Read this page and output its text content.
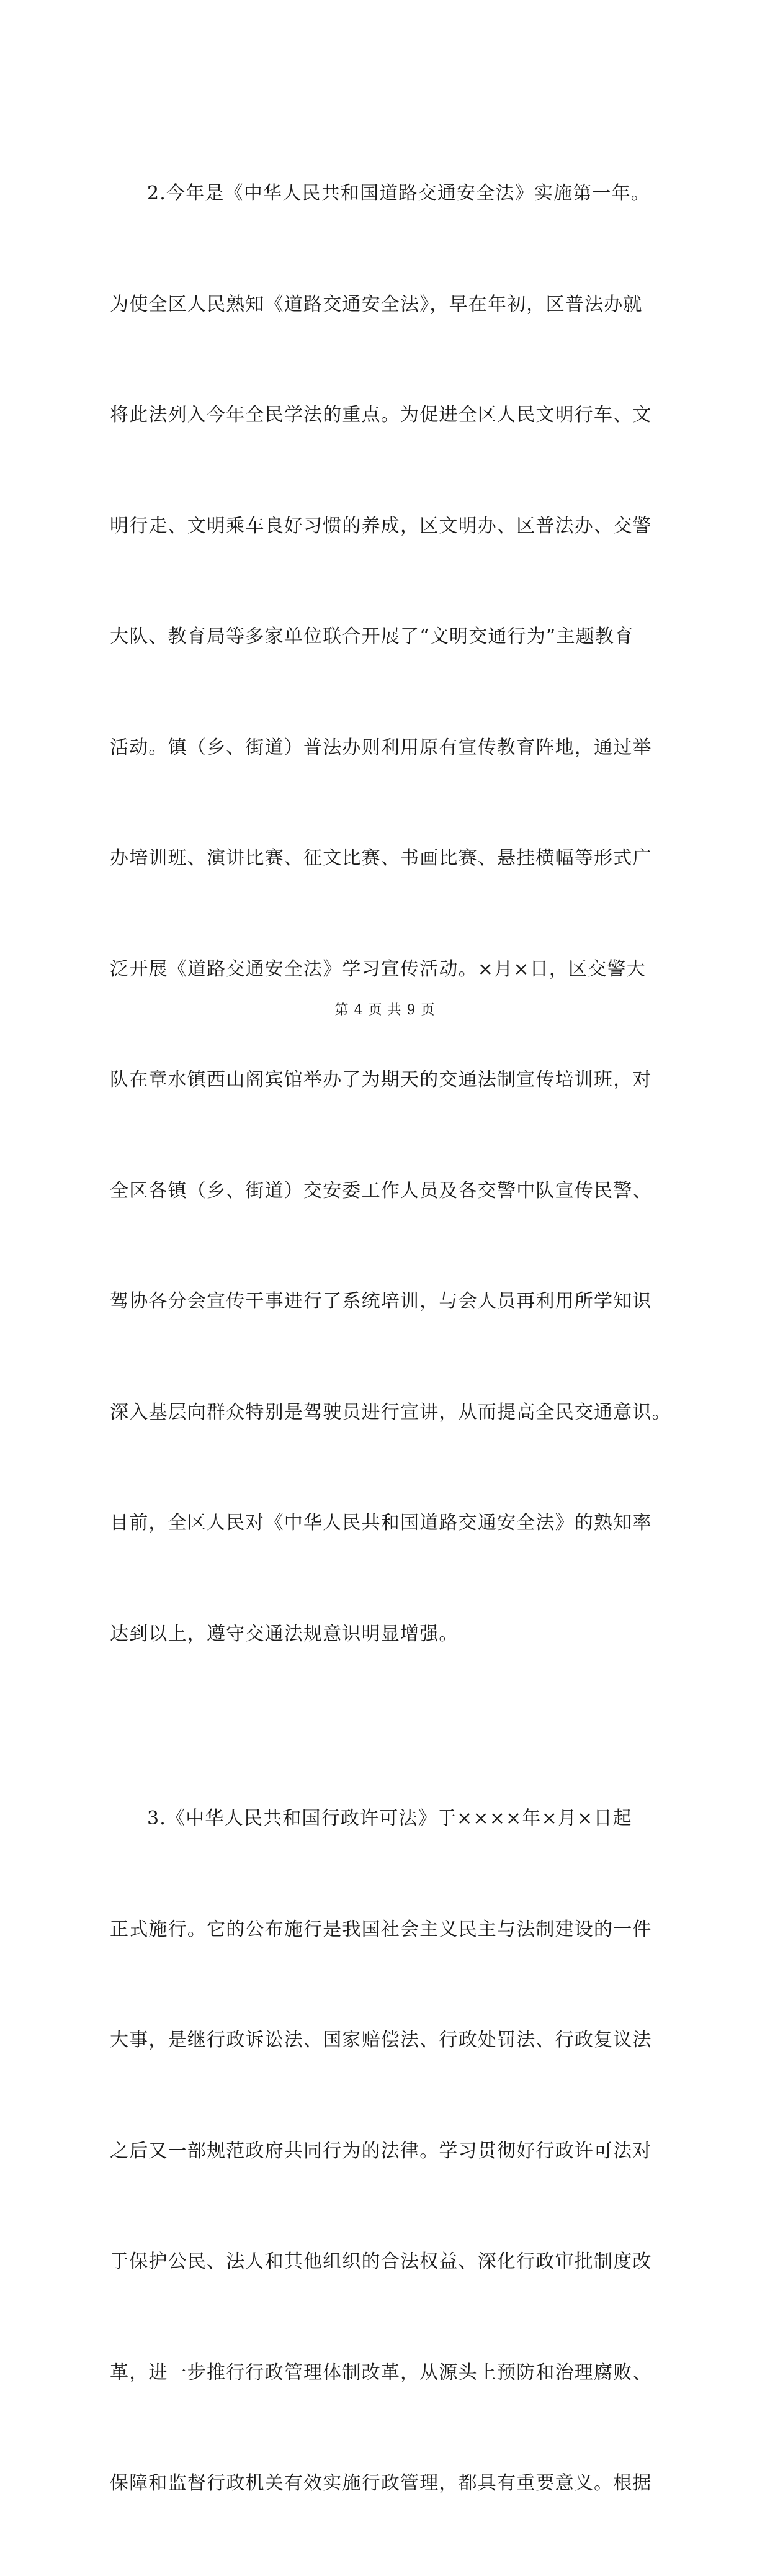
2.今年是《中华人民共和国道路交通安全法》实施第一年。

为使全区人民熟知《道路交通安全法》，早在年初，区普法办就

将此法列入今年全民学法的重点。为促进全区人民文明行车、文

明行走、文明乘车良好习惯的养成，区文明办、区普法办、交警

大队、教育局等多家单位联合开展了“文明交通行为”主题教育

活动。镇（乡、街道）普法办则利用原有宣传教育阵地，通过举

办培训班、演讲比赛、征文比赛、书画比赛、悬挂横幅等形式广

泛开展《道路交通安全法》学习宣传活动。×月×日，区交警大

队在章水镇西山阁宾馆举办了为期天的交通法制宣传培训班，对

全区各镇（乡、街道）交安委工作人员及各交警中队宣传民警、

驾协各分会宣传干事进行了系统培训，与会人员再利用所学知识

深入基层向群众特别是驾驶员进行宣讲，从而提高全民交通意识。

目前，全区人民对《中华人民共和国道路交通安全法》的熟知率

达到以上，遵守交通法规意识明显增强。

3.《中华人民共和国行政许可法》于××××年×月×日起

正式施行。它的公布施行是我国社会主义民主与法制建设的一件

大事，是继行政诉讼法、国家赔偿法、行政处罚法、行政复议法

之后又一部规范政府共同行为的法律。学习贯彻好行政许可法对

于保护公民、法人和其他组织的合法权益、深化行政审批制度改

革，进一步推行行政管理体制改革，从源头上预防和治理腐败、

保障和监督行政机关有效实施行政管理，都具有重要意义。根据

第 4 页 共 9 页
